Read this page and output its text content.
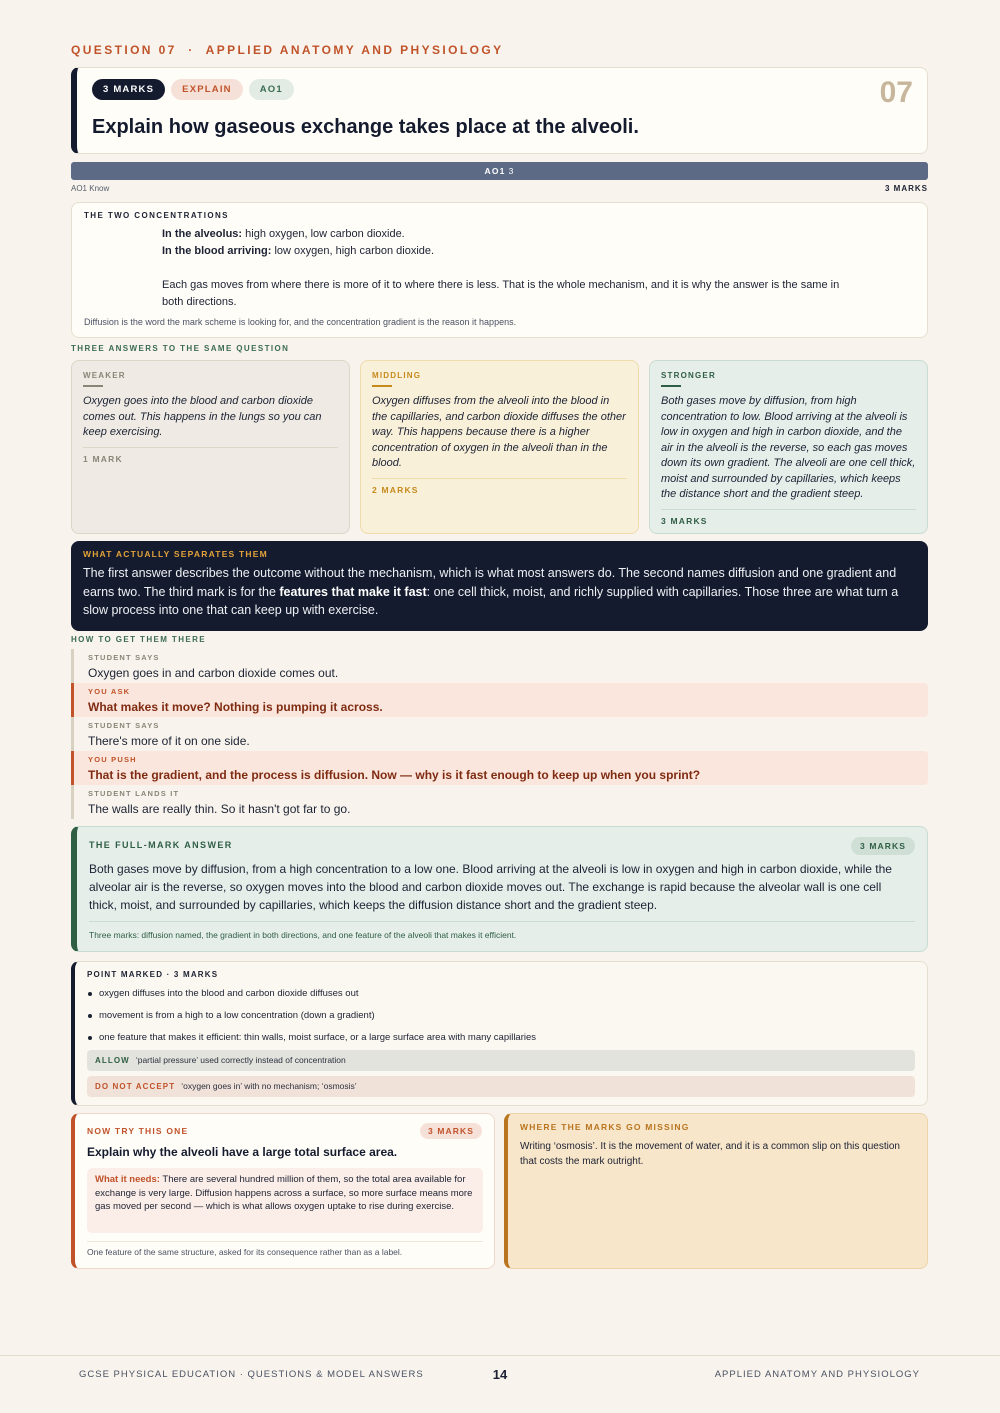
QUESTION 07 · APPLIED ANATOMY AND PHYSIOLOGY
3 MARKS	EXPLAIN	AO1	07
Explain how gaseous exchange takes place at the alveoli.
AO1 3
AO1 Know	3 MARKS
THE TWO CONCENTRATIONS
In the alveolus: high oxygen, low carbon dioxide.
In the blood arriving: low oxygen, high carbon dioxide.
Each gas moves from where there is more of it to where there is less. That is the whole mechanism, and it is why the answer is the same in both directions.
Diffusion is the word the mark scheme is looking for, and the concentration gradient is the reason it happens.
THREE ANSWERS TO THE SAME QUESTION
WEAKER
Oxygen goes into the blood and carbon dioxide comes out. This happens in the lungs so you can keep exercising.
1 MARK
MIDDLING
Oxygen diffuses from the alveoli into the blood in the capillaries, and carbon dioxide diffuses the other way. This happens because there is a higher concentration of oxygen in the alveoli than in the blood.
2 MARKS
STRONGER
Both gases move by diffusion, from high concentration to low. Blood arriving at the alveoli is low in oxygen and high in carbon dioxide, and the air in the alveoli is the reverse, so each gas moves down its own gradient. The alveoli are one cell thick, moist and surrounded by capillaries, which keeps the distance short and the gradient steep.
3 MARKS
WHAT ACTUALLY SEPARATES THEM
The first answer describes the outcome without the mechanism, which is what most answers do. The second names diffusion and one gradient and earns two. The third mark is for the features that make it fast: one cell thick, moist, and richly supplied with capillaries. Those three are what turn a slow process into one that can keep up with exercise.
HOW TO GET THEM THERE
STUDENT SAYS
Oxygen goes in and carbon dioxide comes out.
YOU ASK
What makes it move? Nothing is pumping it across.
STUDENT SAYS
There's more of it on one side.
YOU PUSH
That is the gradient, and the process is diffusion. Now — why is it fast enough to keep up when you sprint?
STUDENT LANDS IT
The walls are really thin. So it hasn't got far to go.
THE FULL-MARK ANSWER	3 MARKS
Both gases move by diffusion, from a high concentration to a low one. Blood arriving at the alveoli is low in oxygen and high in carbon dioxide, while the alveolar air is the reverse, so oxygen moves into the blood and carbon dioxide moves out. The exchange is rapid because the alveolar wall is one cell thick, moist, and surrounded by capillaries, which keeps the diffusion distance short and the gradient steep.
Three marks: diffusion named, the gradient in both directions, and one feature of the alveoli that makes it efficient.
POINT MARKED · 3 MARKS
oxygen diffuses into the blood and carbon dioxide diffuses out
movement is from a high to a low concentration (down a gradient)
one feature that makes it efficient: thin walls, moist surface, or a large surface area with many capillaries
ALLOW ‘partial pressure’ used correctly instead of concentration
DO NOT ACCEPT ‘oxygen goes in’ with no mechanism; ‘osmosis’
NOW TRY THIS ONE	3 MARKS
Explain why the alveoli have a large total surface area.
What it needs: There are several hundred million of them, so the total area available for exchange is very large. Diffusion happens across a surface, so more surface means more gas moved per second — which is what allows oxygen uptake to rise during exercise.
One feature of the same structure, asked for its consequence rather than as a label.
WHERE THE MARKS GO MISSING
Writing ‘osmosis’. It is the movement of water, and it is a common slip on this question that costs the mark outright.
GCSE PHYSICAL EDUCATION · QUESTIONS & MODEL ANSWERS	14	APPLIED ANATOMY AND PHYSIOLOGY
